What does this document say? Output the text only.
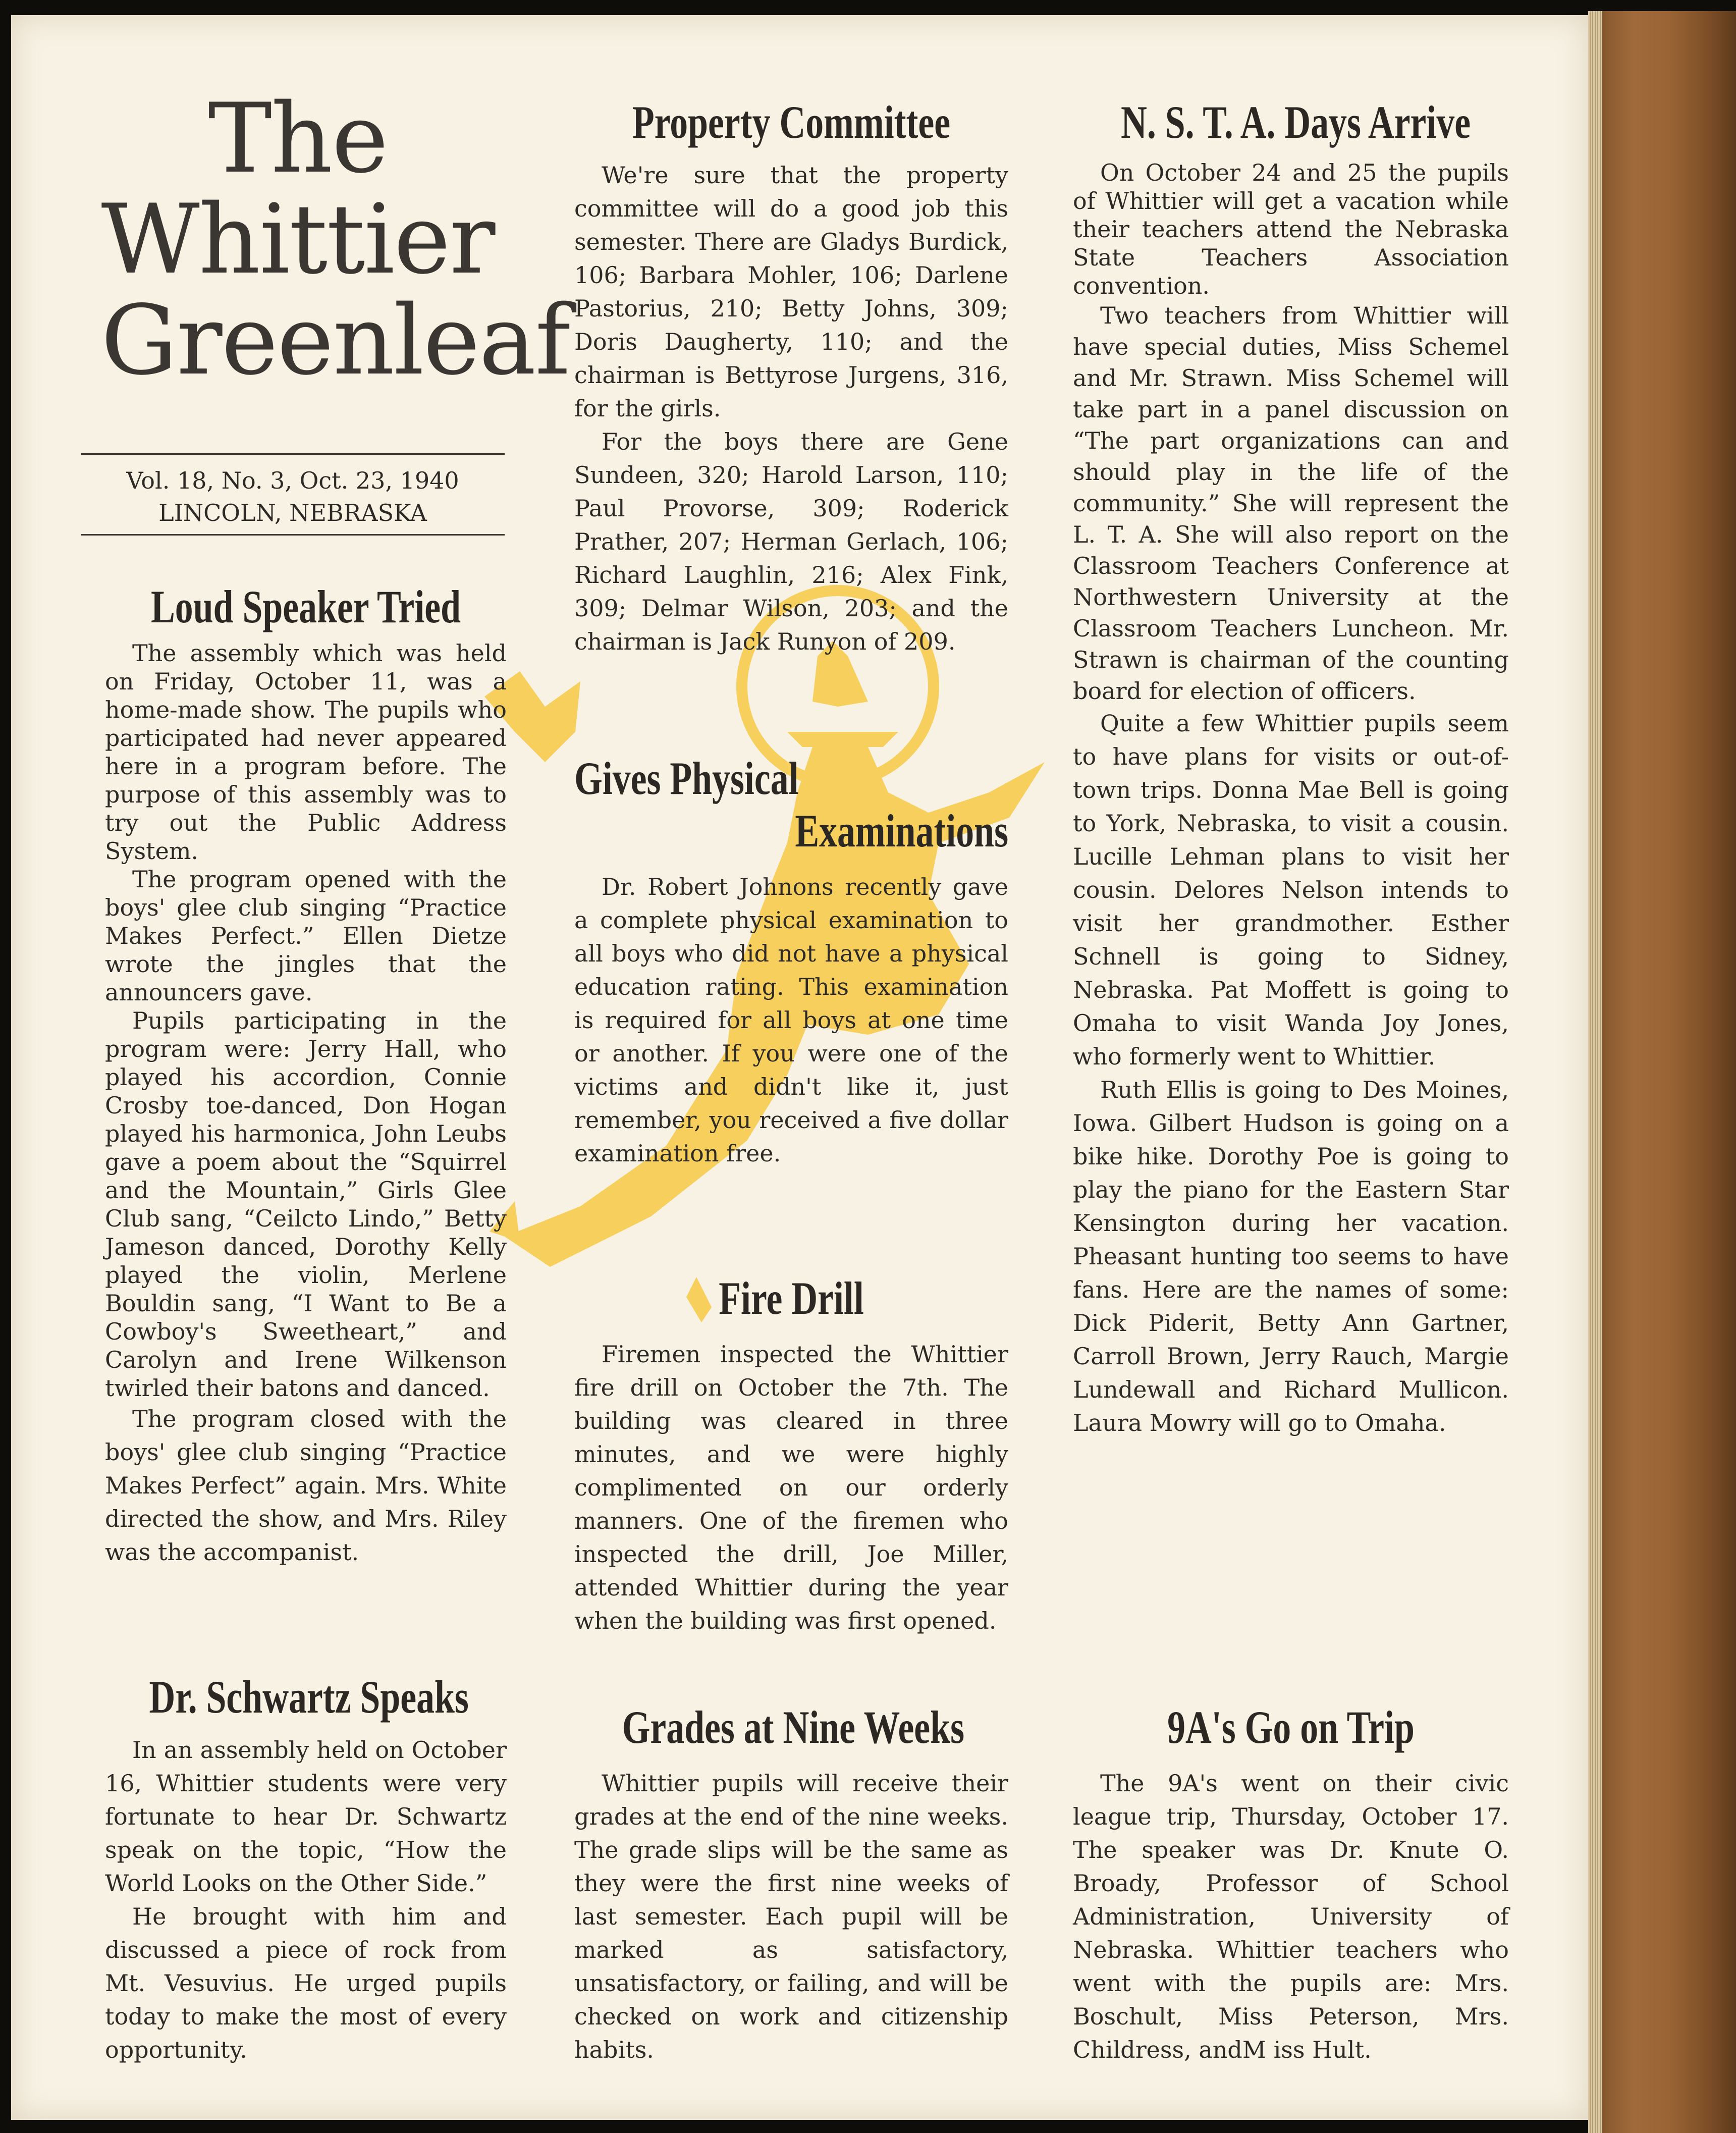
The
Whittier
Greenleaf
Vol. 18, No. 3, Oct. 23, 1940
LINCOLN, NEBRASKA
Loud Speaker Tried

The assembly which was held on Friday, October 11, was a home-made show. The pupils who participated had never appeared here in a program before. The purpose of this assembly was to try out the Public Address System.

The program opened with the boys' glee club singing “Practice Makes Perfect.” Ellen Dietze wrote the jingles that the announcers gave.

Pupils participating in the program were: Jerry Hall, who played his accordion, Connie Crosby toe-danced, Don Hogan played his harmonica, John Leubs gave a poem about the “Squirrel and the Mountain,” Girls Glee Club sang, “Ceilcto Lindo,” Betty Jameson danced, Dorothy Kelly played the violin, Merlene Bouldin sang, “I Want to Be a Cowboy's Sweetheart,” and Carolyn and Irene Wilkenson twirled their batons and danced.

The program closed with the boys' glee club singing “Practice Makes Perfect” again. Mrs. White directed the show, and Mrs. Riley was the accompanist.

Dr. Schwartz Speaks

In an assembly held on October 16, Whittier students were very fortunate to hear Dr. Schwartz speak on the topic, “How the World Looks on the Other Side.”

He brought with him and discussed a piece of rock from Mt. Vesuvius. He urged pupils today to make the most of every opportunity.

Property Committee

We're sure that the property committee will do a good job this semester. There are Gladys Burdick, 106; Barbara Mohler, 106; Darlene Pastorius, 210; Betty Johns, 309; Doris Daugherty, 110; and the chairman is Bettyrose Jurgens, 316, for the girls.

For the boys there are Gene Sundeen, 320; Harold Larson, 110; Paul Provorse, 309; Roderick Prather, 207; Herman Gerlach, 106; Richard Laughlin, 216; Alex Fink, 309; Delmar Wilson, 203; and the chairman is Jack Runyon of 209.

Gives Physical
Examinations

Dr. Robert Johnons recently gave a complete physical examination to all boys who did not have a physical education rating. This examination is required for all boys at one time or another. If you were one of the victims and didn't like it, just remember, you received a five dollar examination free.

Fire Drill

Firemen inspected the Whittier fire drill on October the 7th. The building was cleared in three minutes, and we were highly complimented on our orderly manners. One of the firemen who inspected the drill, Joe Miller, attended Whittier during the year when the building was first opened.

Grades at Nine Weeks

Whittier pupils will receive their grades at the end of the nine weeks. The grade slips will be the same as they were the first nine weeks of last semester. Each pupil will be marked as satisfactory, unsatisfactory, or failing, and will be checked on work and citizenship habits.

N. S. T. A. Days Arrive

On October 24 and 25 the pupils of Whittier will get a vacation while their teachers attend the Nebraska State Teachers Association convention.

Two teachers from Whittier will have special duties, Miss Schemel and Mr. Strawn. Miss Schemel will take part in a panel discussion on “The part organizations can and should play in the life of the community.” She will represent the L. T. A. She will also report on the Classroom Teachers Conference at Northwestern University at the Classroom Teachers Luncheon. Mr. Strawn is chairman of the counting board for election of officers.

Quite a few Whittier pupils seem to have plans for visits or out-of-town trips. Donna Mae Bell is going to York, Nebraska, to visit a cousin. Lucille Lehman plans to visit her cousin. Delores Nelson intends to visit her grandmother. Esther Schnell is going to Sidney, Nebraska. Pat Moffett is going to Omaha to visit Wanda Joy Jones, who formerly went to Whittier.

Ruth Ellis is going to Des Moines, Iowa. Gilbert Hudson is going on a bike hike. Dorothy Poe is going to play the piano for the Eastern Star Kensington during her vacation. Pheasant hunting too seems to have fans. Here are the names of some: Dick Piderit, Betty Ann Gartner, Carroll Brown, Jerry Rauch, Margie Lundewall and Richard Mullicon. Laura Mowry will go to Omaha.

9A's Go on Trip

The 9A's went on their civic league trip, Thursday, October 17. The speaker was Dr. Knute O. Broady, Professor of School Administration, University of Nebraska. Whittier teachers who went with the pupils are: Mrs. Boschult, Miss Peterson, Mrs. Childress, andM iss Hult.
